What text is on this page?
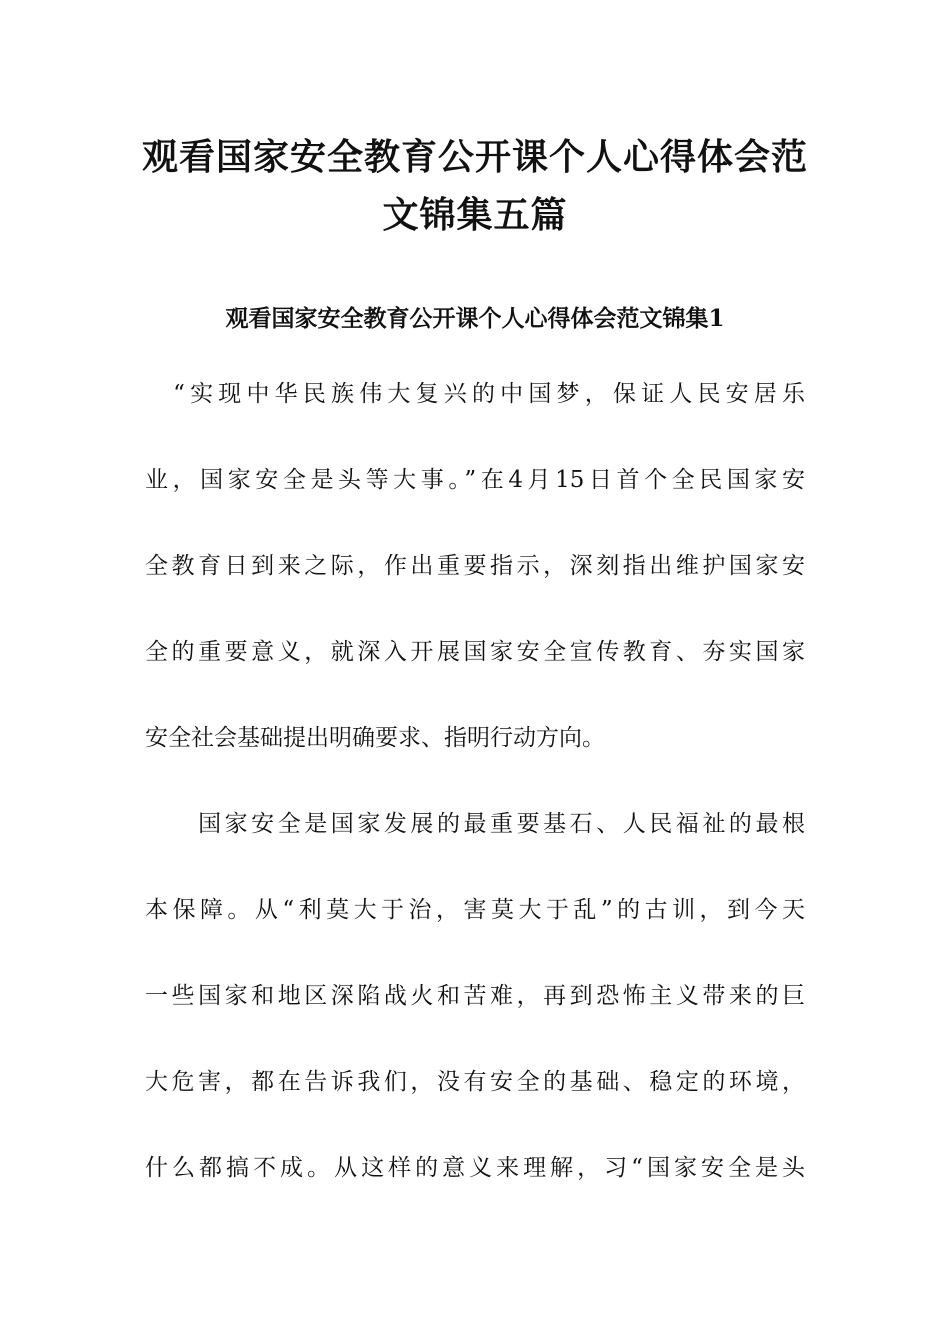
观看国家安全教育公开课个人心得体会范
文锦集五篇
观看国家安全教育公开课个人心得体会范文锦集1
　“实现中华民族伟大复兴的中国梦，保证人民安居乐
业，国家安全是头等大事。”在4月15日首个全民国家安
全教育日到来之际，作出重要指示，深刻指出维护国家安
全的重要意义，就深入开展国家安全宣传教育、夯实国家
安全社会基础提出明确要求、指明行动方向。
　　国家安全是国家发展的最重要基石、人民福祉的最根
本保障。从“利莫大于治，害莫大于乱”的古训，到今天
一些国家和地区深陷战火和苦难，再到恐怖主义带来的巨
大危害，都在告诉我们，没有安全的基础、稳定的环境，
什么都搞不成。从这样的意义来理解，习“国家安全是头
